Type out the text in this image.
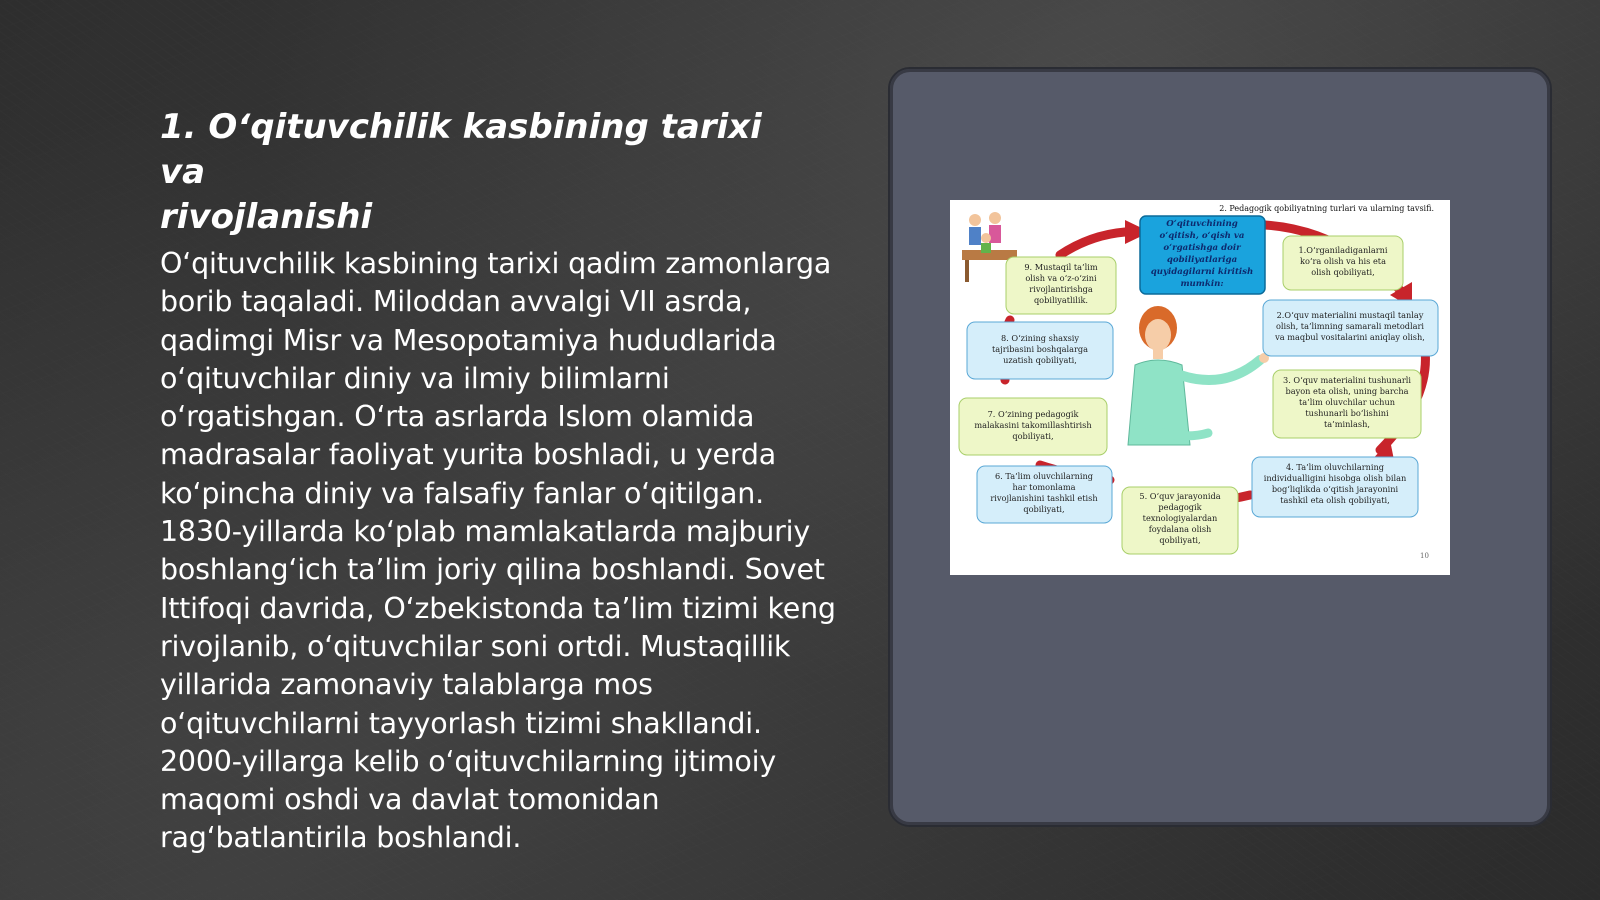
1. O‘qituvchilik kasbining tarixi va
rivojlanishi

O‘qituvchilik kasbining tarixi qadim zamonlarga borib taqaladi. Miloddan avvalgi VII asrda, qadimgi Misr va Mesopotamiya hududlarida o‘qituvchilar diniy va ilmiy bilimlarni o‘rgatishgan. O‘rta asrlarda Islom olamida madrasalar faoliyat yurita boshladi, u yerda ko‘pincha diniy va falsafiy fanlar o‘qitilgan. 1830-yillarda ko‘plab mamlakatlarda majburiy boshlang‘ich ta’lim joriy qilina boshlandi. Sovet Ittifoqi davrida, O‘zbekistonda ta’lim tizimi keng rivojlanib, o‘qituvchilar soni ortdi. Mustaqillik yillarida zamonaviy talablarga mos o‘qituvchilarni tayyorlash tizimi shakllandi. 2000-yillarga kelib o‘qituvchilarning ijtimoiy maqomi oshdi va davlat tomonidan rag‘batlantirila boshlandi.

2. Pedagogik qobiliyatning turlari va ularning tavsifi.
O‘qituvchining
o‘qitish, o‘qish va
o‘rgatishga doir
qobiliyatlariga
quyidagilarni kiritish
mumkin:
1.O‘rganiladiganlarni
ko‘ra olish va his eta
olish qobiliyati,
2.O‘quv materialini mustaqil tanlay
olish, ta’limning samarali metodlari
va maqbul vositalarini aniqlay olish,
3. O‘quv materialini tushunarli
bayon eta olish, uning barcha
ta’lim oluvchilar uchun
tushunarli bo‘lishini
ta’minlash,
4. Ta’lim oluvchilarning
individualligini hisobga olish bilan
bog‘liqlikda o‘qitish jarayonini
tashkil eta olish qobiliyati,
5. O‘quv jarayonida
pedagogik
texnologiyalardan
foydalana olish
qobiliyati,
6. Ta’lim oluvchilarning
har tomonlama
rivojlanishini tashkil etish
qobiliyati,
7. O‘zining pedagogik
malakasini takomillashtirish
qobiliyati,
8. O‘zining shaxsiy
tajribasini boshqalarga
uzatish qobiliyati,
9. Mustaqil ta’lim
olish va o‘z-o‘zini
rivojlantirishga
qobiliyatlilik.
10
